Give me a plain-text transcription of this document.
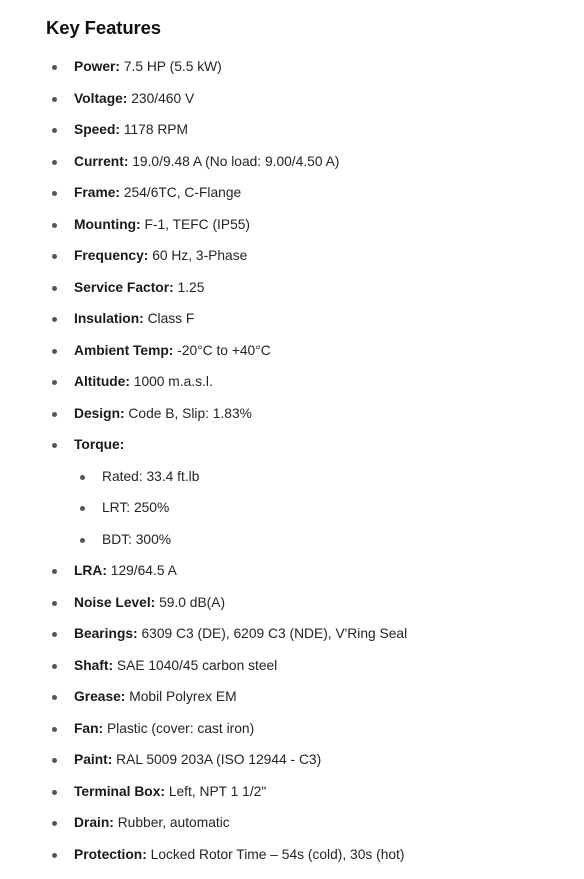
Key Features
Power: 7.5 HP (5.5 kW)
Voltage: 230/460 V
Speed: 1178 RPM
Current: 19.0/9.48 A (No load: 9.00/4.50 A)
Frame: 254/6TC, C-Flange
Mounting: F-1, TEFC (IP55)
Frequency: 60 Hz, 3-Phase
Service Factor: 1.25
Insulation: Class F
Ambient Temp: -20°C to +40°C
Altitude: 1000 m.a.s.l.
Design: Code B, Slip: 1.83%
Torque:
Rated: 33.4 ft.lb
LRT: 250%
BDT: 300%
LRA: 129/64.5 A
Noise Level: 59.0 dB(A)
Bearings: 6309 C3 (DE), 6209 C3 (NDE), V'Ring Seal
Shaft: SAE 1040/45 carbon steel
Grease: Mobil Polyrex EM
Fan: Plastic (cover: cast iron)
Paint: RAL 5009 203A (ISO 12944 - C3)
Terminal Box: Left, NPT 1 1/2"
Drain: Rubber, automatic
Protection: Locked Rotor Time – 54s (cold), 30s (hot)
